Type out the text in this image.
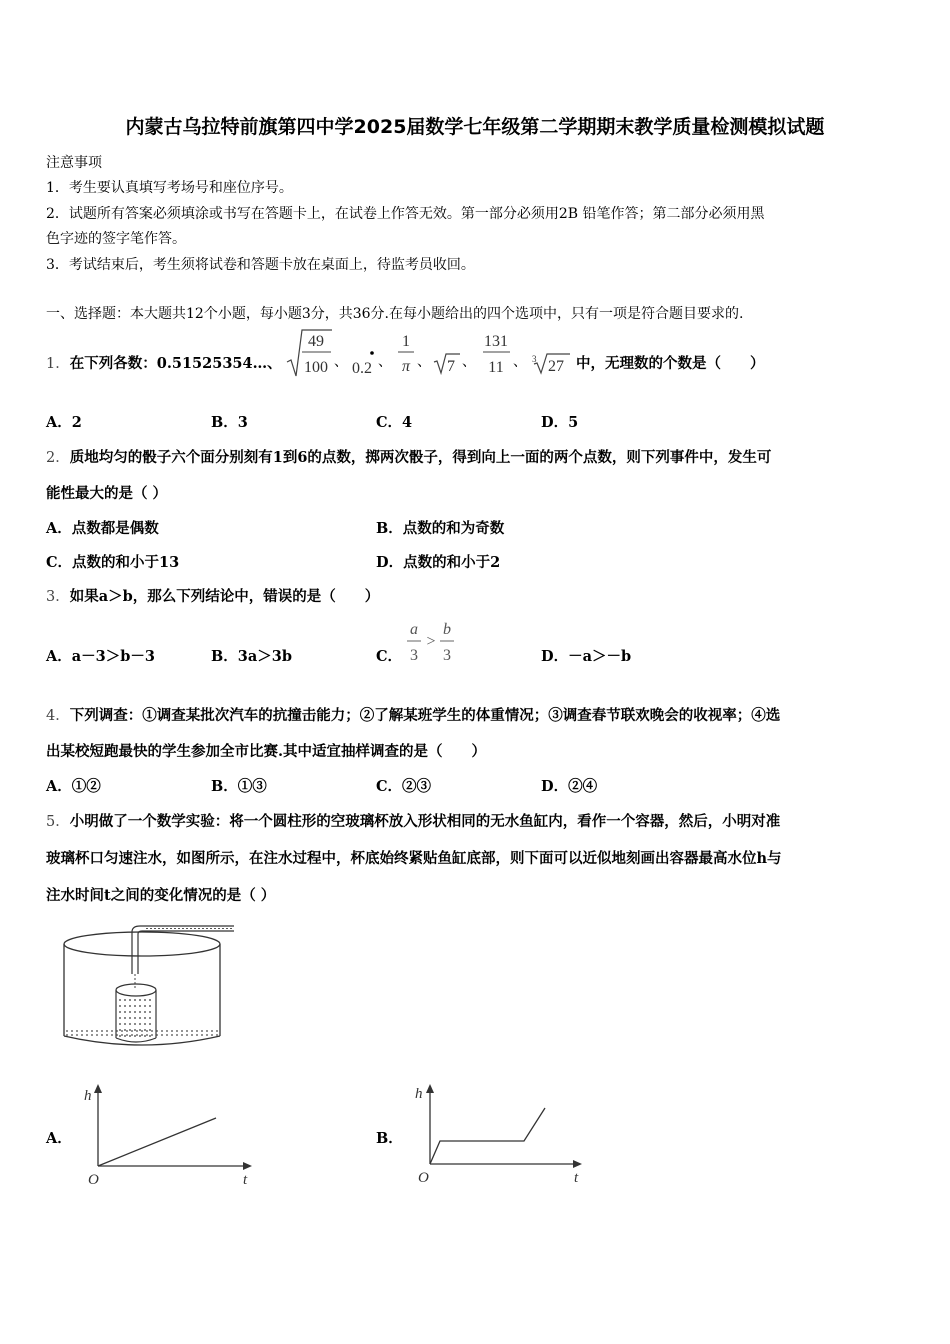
内蒙古乌拉特前旗第四中学2025届数学七年级第二学期期末教学质量检测模拟试题
注意事项
1．考生要认真填写考场号和座位序号。
2．试题所有答案必须填涂或书写在答题卡上，在试卷上作答无效。第一部分必须用2B 铅笔作答；第二部分必须用黑
色字迹的签字笔作答。
3．考试结束后，考生须将试卷和答题卡放在桌面上，待监考员收回。
一、选择题：本大题共12个小题，每小题3分，共36分.在每小题给出的四个选项中，只有一项是符合题目要求的.
1．在下列各数：0.51525354…、
49
100 、 0.2 、
1
π 、 7 、
131
11 、 3 27 中，无理数的个数是（　　）
A．2	B．3	C．4	D．5
2．质地均匀的骰子六个面分别刻有1到6的点数，掷两次骰子，得到向上一面的两个点数，则下列事件中，发生可
能性最大的是（ ）
A．点数都是偶数	B．点数的和为奇数
C．点数的和小于13	D．点数的和小于2
3．如果a＞b，那么下列结论中，错误的是（　　）
A．a－3＞b－3	B．3a＞3b	C．
a
3
>
b
3	D．－a＞－b
4．下列调查：①调查某批次汽车的抗撞击能力；②了解某班学生的体重情况；③调查春节联欢晚会的收视率；④选
出某校短跑最快的学生参加全市比赛.其中适宜抽样调查的是（　　）
A．①②	B．①③	C．②③	D．②④
5．小明做了一个数学实验：将一个圆柱形的空玻璃杯放入形状相同的无水鱼缸内，看作一个容器，然后，小明对准
玻璃杯口匀速注水，如图所示，在注水过程中，杯底始终紧贴鱼缸底部，则下面可以近似地刻画出容器最高水位h与
注水时间t之间的变化情况的是（ ）
A．
h
O	t
B．
h
O	t
